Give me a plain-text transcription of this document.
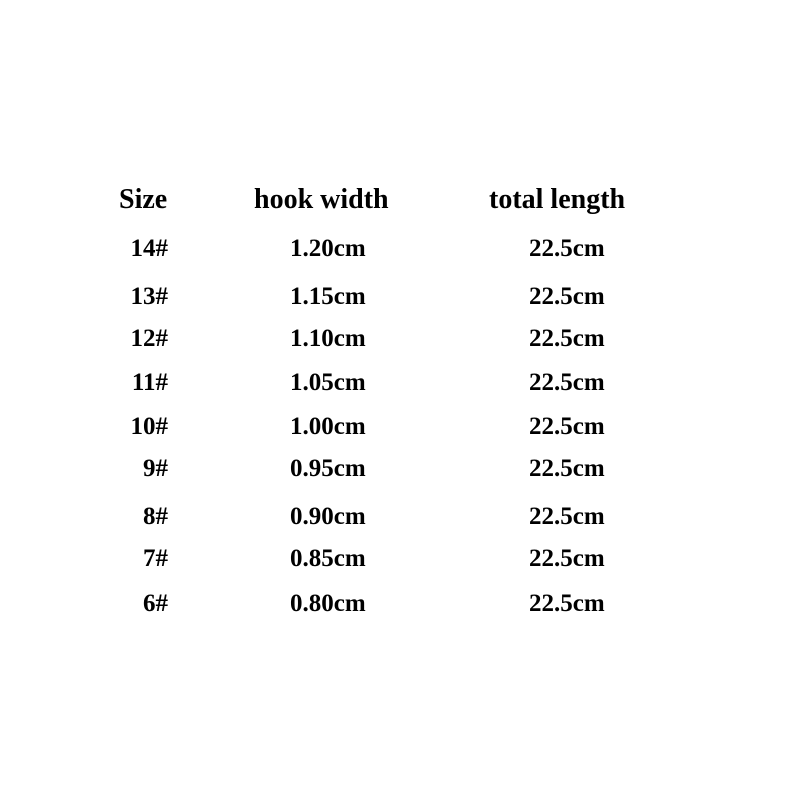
Size	hook width	total length
14#	1.20cm	22.5cm
13#	1.15cm	22.5cm
12#	1.10cm	22.5cm
11#	1.05cm	22.5cm
10#	1.00cm	22.5cm
9#	0.95cm	22.5cm
8#	0.90cm	22.5cm
7#	0.85cm	22.5cm
6#	0.80cm	22.5cm
